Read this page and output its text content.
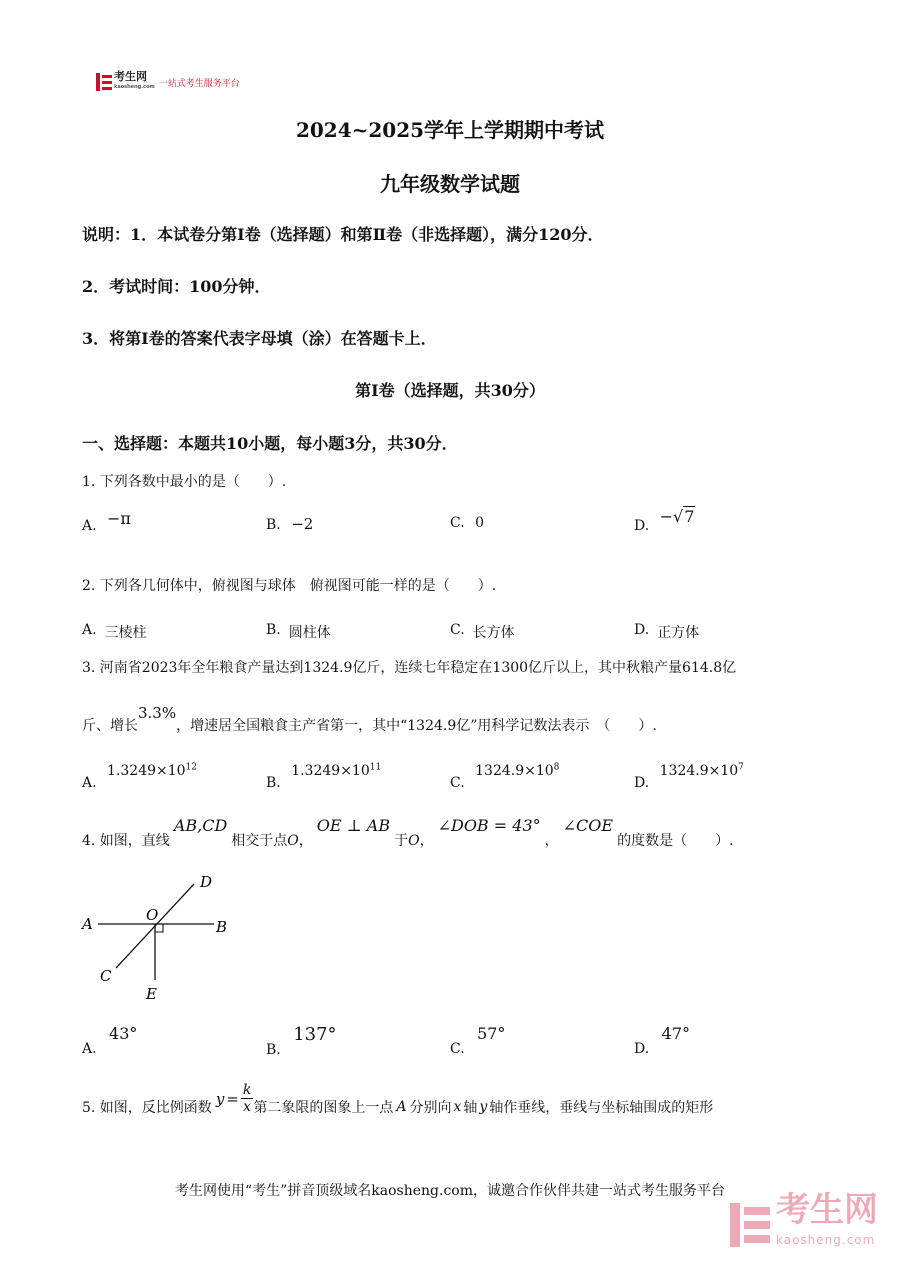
考生网
kaosheng.com 一站式考生服务平台
2024~2025学年上学期期中考试
九年级数学试题
说明：1．本试卷分第Ⅰ卷（选择题）和第Ⅱ卷（非选择题），满分120分．
2．考试时间：100分钟．
3．将第Ⅰ卷的答案代表字母填（涂）在答题卡上．
第Ⅰ卷（选择题，共30分）
一、选择题：本题共10小题，每小题3分，共30分．
1. 下列各数中最小的是（　　）.
A. −π	B. −2	C. 0	D. −√7
2. 下列各几何体中，俯视图与球体　俯视图可能一样的是（　　）.
A. 三棱柱	B. 圆柱体	C. 长方体	D. 正方体
3. 河南省2023年全年粮食产量达到1324.9亿斤，连续七年稳定在1300亿斤以上，其中秋粮产量614.8亿
斤、增长3.3%，增速居全国粮食主产省第一，其中“1324.9亿”用科学记数法表示　（　　）.
A. $1.3249\times 10^{12}$
B. $1.3249\times 10^{11}$
C. $1324.9\times 10^8$
D. $1324.9\times 10^7$
4. 如图，直线AB,CD相交于点O，OE ⊥ AB于O，∠DOB = 43°，∠COE的度数是（　　）.
A	B
C
D
O
E
A. 43°
B. 137°
C. 57°
D. 47°
5. 如图，反比例函数 $y = \frac{k}{x}$ 第二象限的图象上一点 A 分别向 x 轴 y 轴作垂线，垂线与坐标轴围成的矩形
考生网使用“考生”拼音顶级域名kaosheng.com，诚邀合作伙伴共建一站式考生服务平台	考生网
kaosheng.com
